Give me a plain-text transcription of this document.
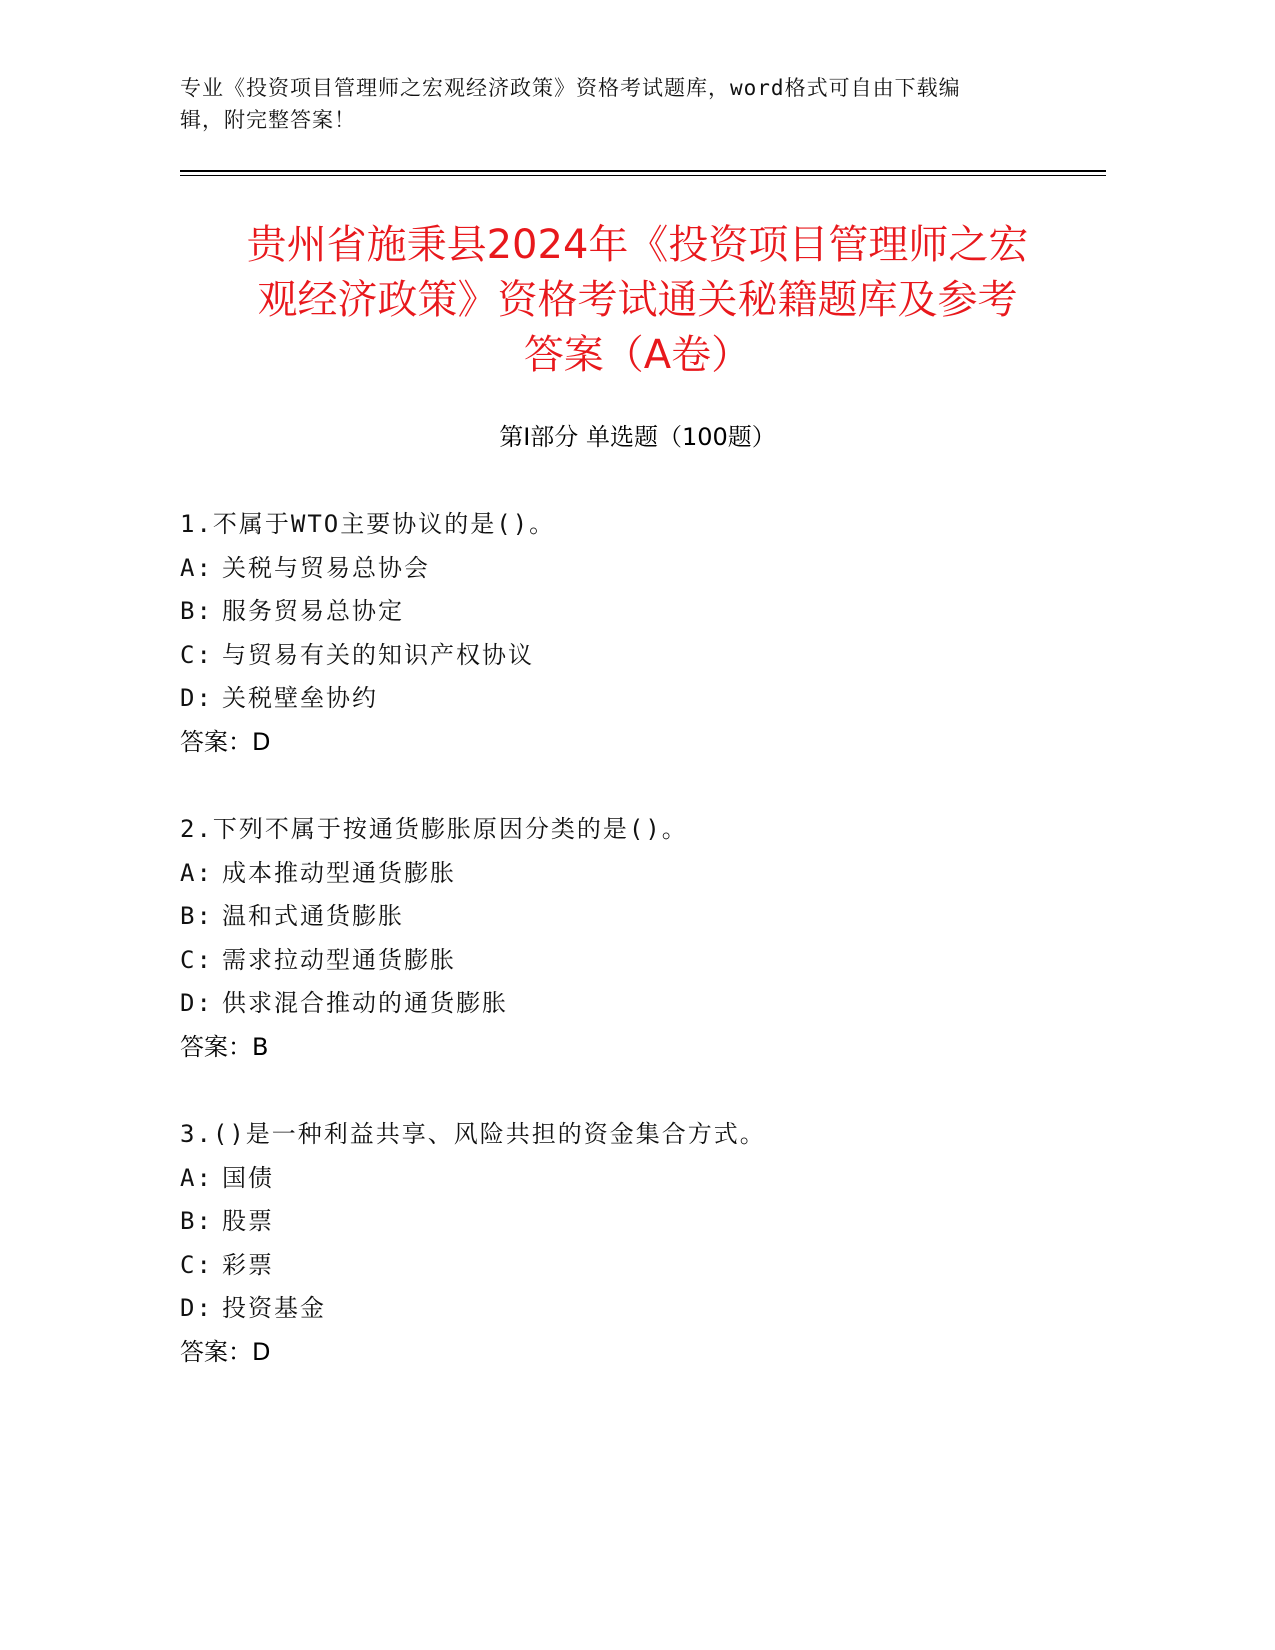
专业《投资项目管理师之宏观经济政策》资格考试题库，word格式可自由下载编
辑，附完整答案！
贵州省施秉县2024年《投资项目管理师之宏
观经济政策》资格考试通关秘籍题库及参考
答案（A卷）
第Ⅰ部分 单选题（100题）
1.不属于WTO主要协议的是()。
A: 关税与贸易总协会
B: 服务贸易总协定
C: 与贸易有关的知识产权协议
D: 关税壁垒协约
答案：D
2.下列不属于按通货膨胀原因分类的是()。
A: 成本推动型通货膨胀
B: 温和式通货膨胀
C: 需求拉动型通货膨胀
D: 供求混合推动的通货膨胀
答案：B
3.()是一种利益共享、风险共担的资金集合方式。
A: 国债
B: 股票
C: 彩票
D: 投资基金
答案：D
